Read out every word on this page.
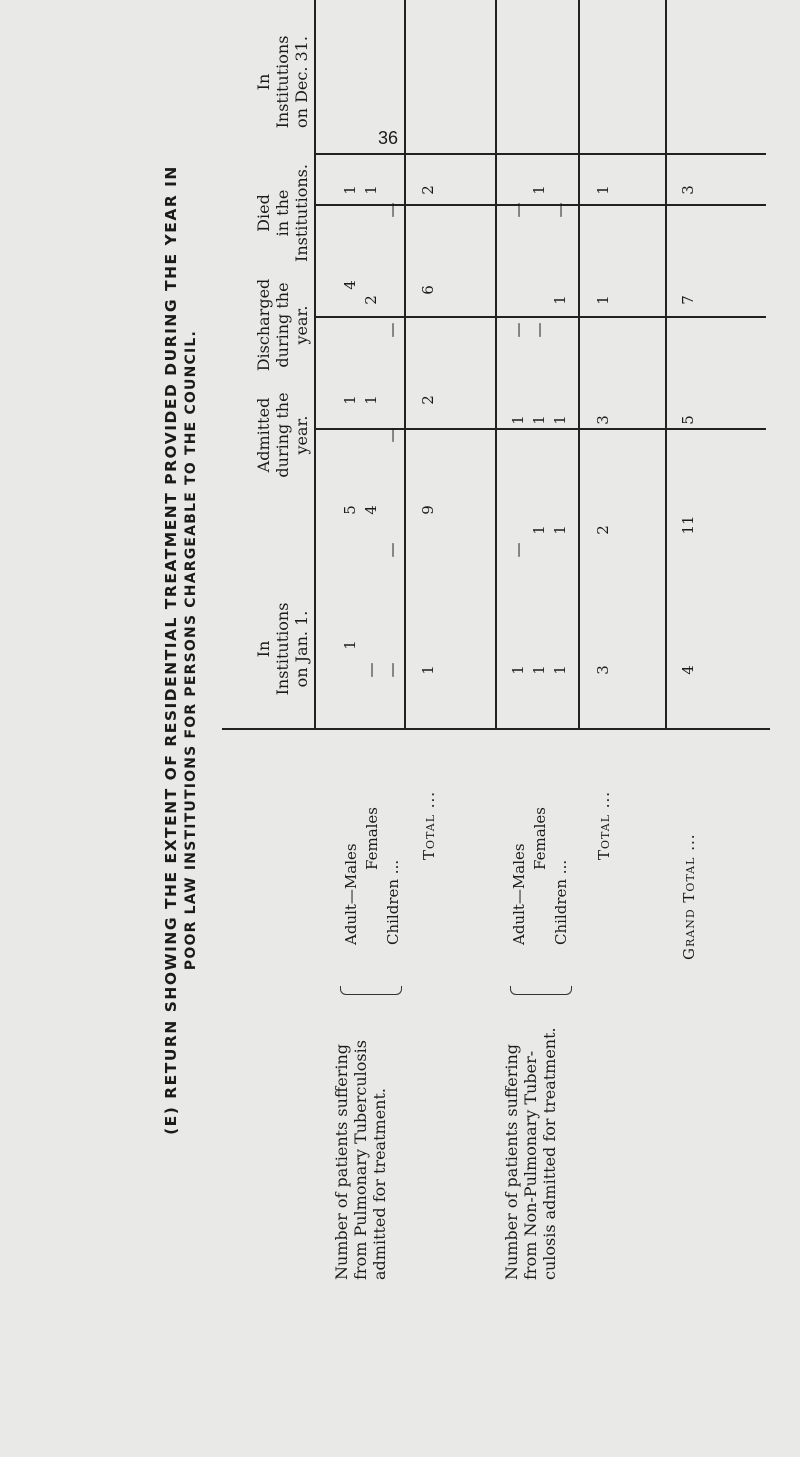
36
(E) RETURN SHOWING THE EXTENT OF RESIDENTIAL TREATMENT PROVIDED DURING THE YEAR IN POOR LAW INSTITUTIONS FOR PERSONS CHARGEABLE TO THE COUNCIL.	In Institutions on Jan. 1.
Admitted during the year.
Discharged during the year.
Died in the Institutions.
In Institutions on Dec. 31.
Number of patients suffering from Pulmonary Tuberculosis admitted for treatment.
Adult—Males
Females
Children ...
Total ...
Number of patients suffering from Non-Pulmonary Tuber- culosis admitted for treatment.
Adult—Males
Females
Children ...
Total ...
Grand Total ...
1
— —
5 4
—
1 1
—
4
2
—
1 1
—
1
9
2
6
2
1 1 1
—
1 1
1 1 1
— —
1
—
1
—
3
2
3
1
1
4
11
5
7
3
